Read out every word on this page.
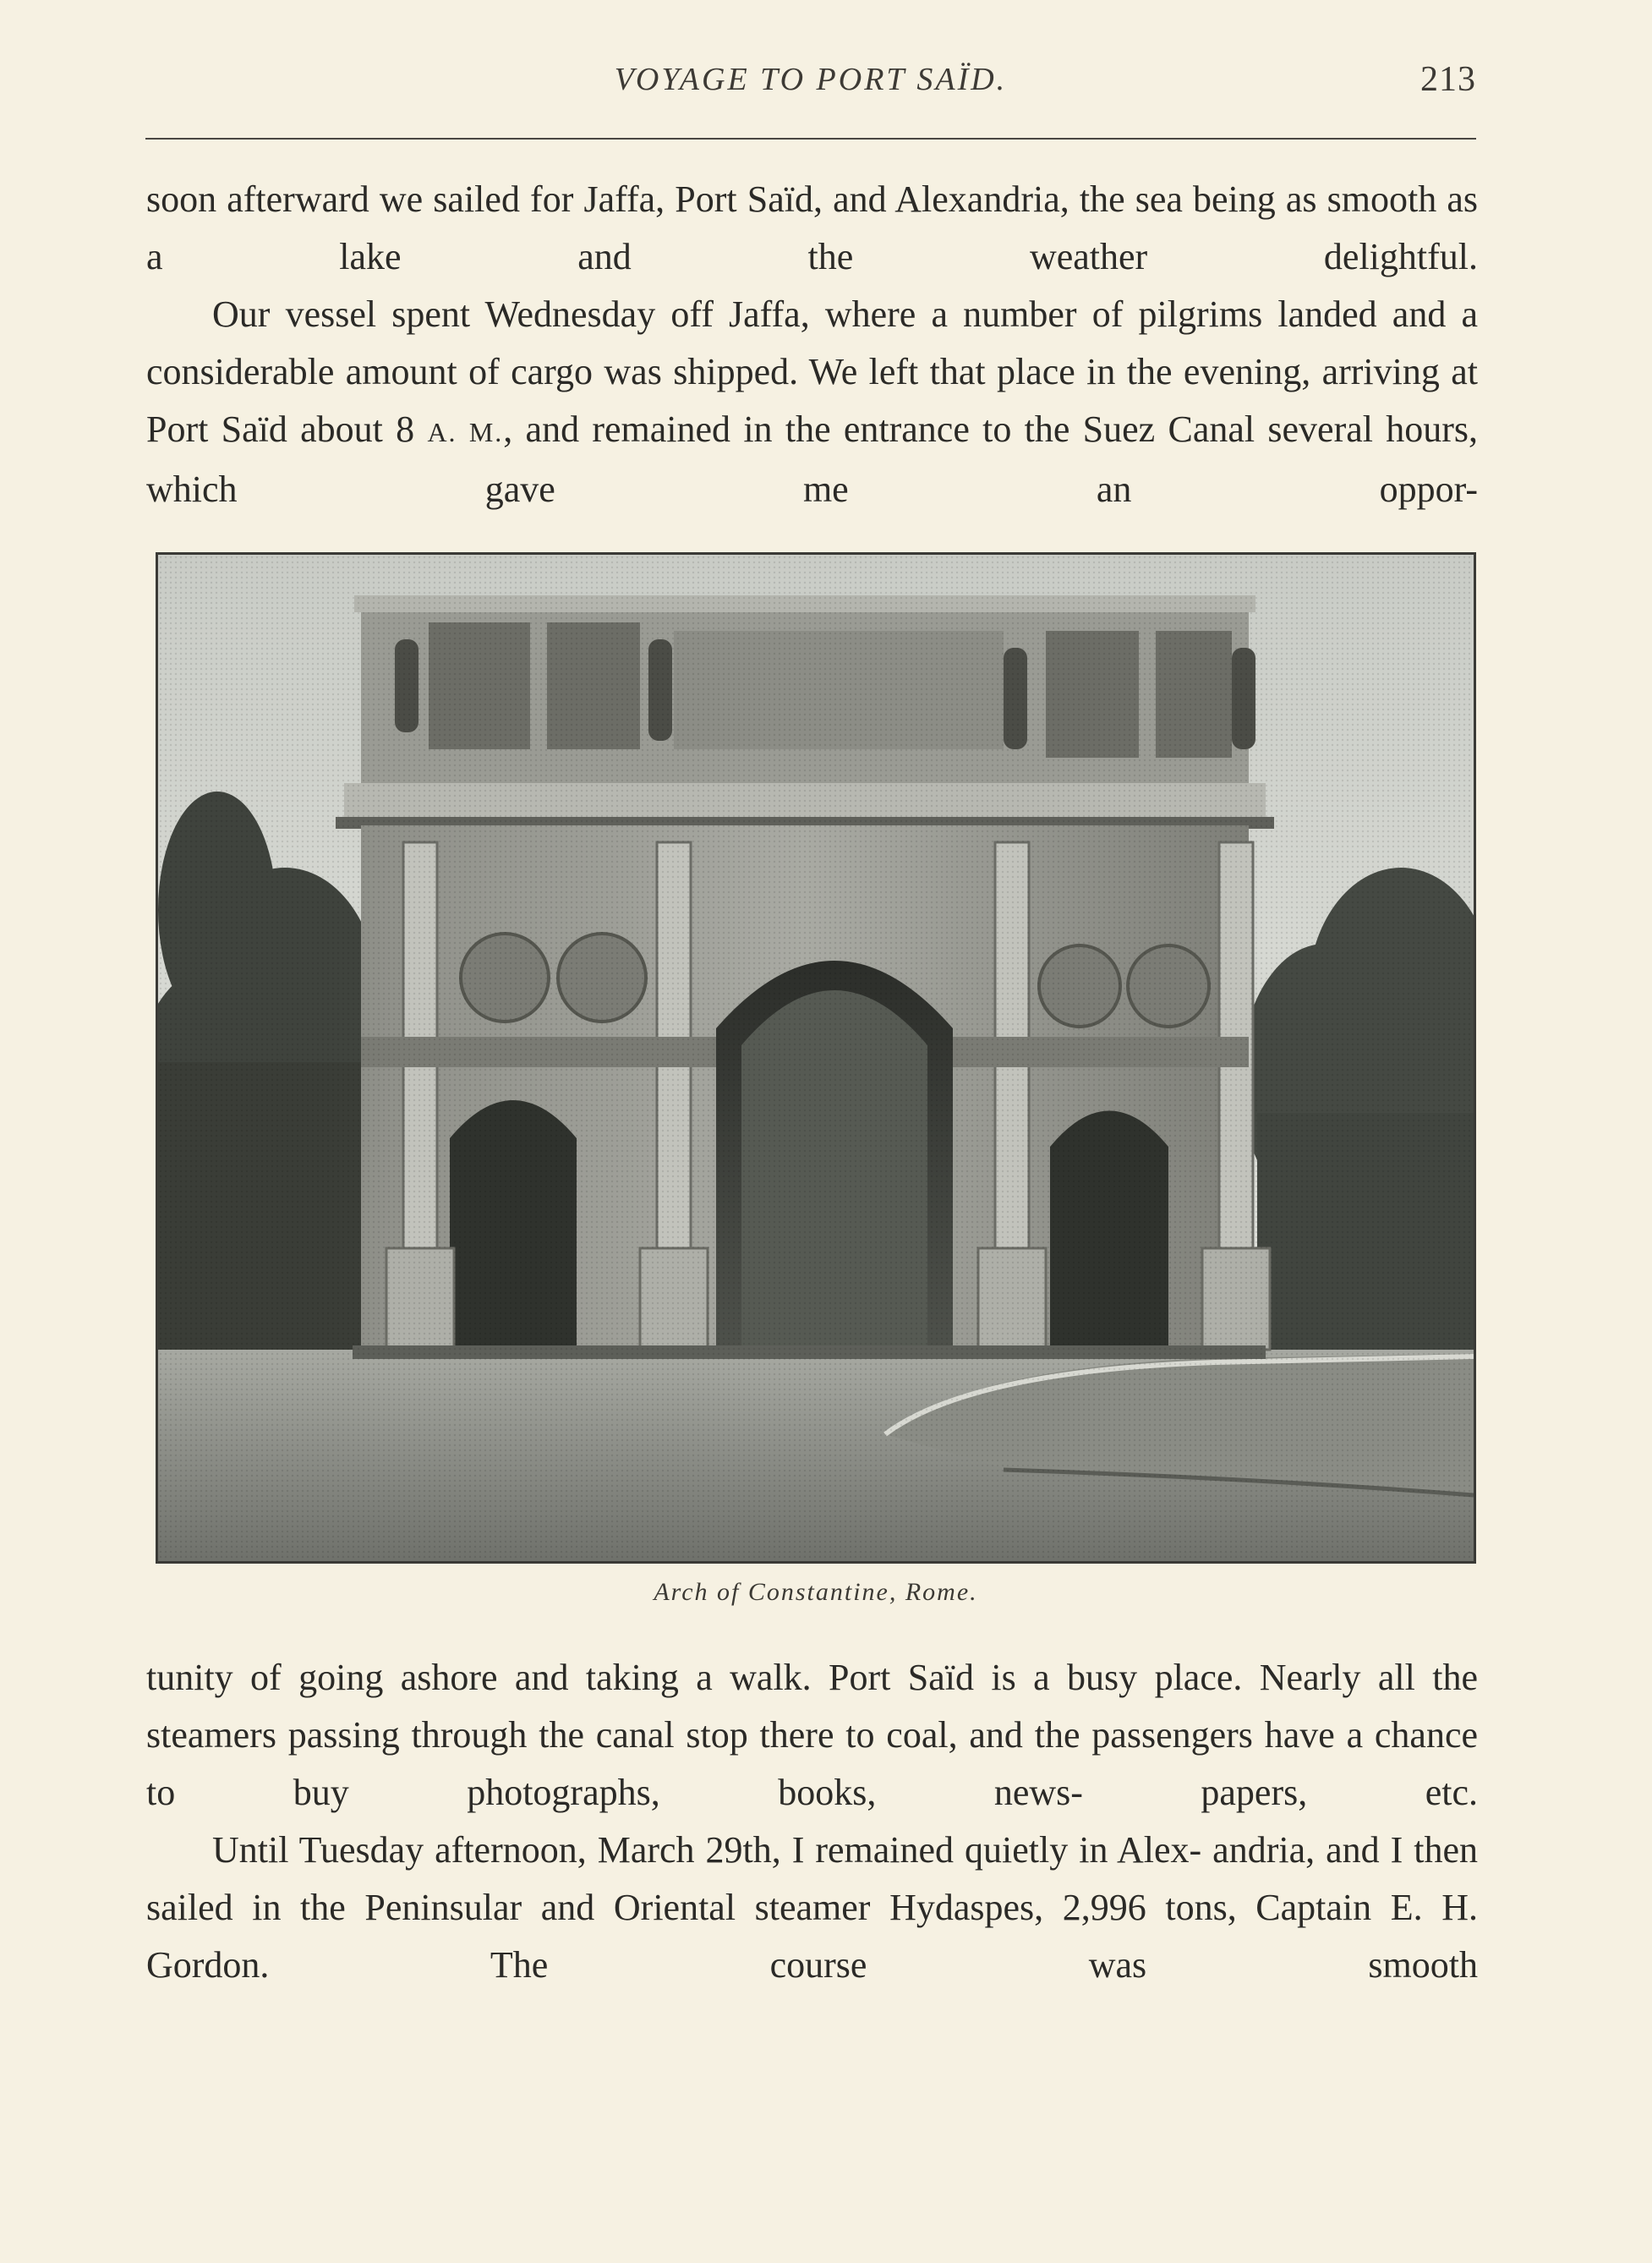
VOYAGE TO PORT SAÏD.	213

soon afterward we sailed for Jaffa, Port Saïd, and Alexandria, the sea being as smooth as a lake and the weather delightful.

Our vessel spent Wednesday off Jaffa, where a number of pilgrims landed and a considerable amount of cargo was shipped. We left that place in the evening, arriving at Port Saïd about 8 A. M., and remained in the entrance to the Suez Canal several hours, which gave me an oppor-

Arch of Constantine, Rome.

tunity of going ashore and taking a walk. Port Saïd is a busy place. Nearly all the steamers passing through the canal stop there to coal, and the passengers have a chance to buy photographs, books, news-	papers, etc.

Until Tuesday afternoon, March 29th, I remained quietly in Alex- andria, and I then sailed in the Peninsular and Oriental steamer Hydaspes, 2,996 tons, Captain E. H. Gordon. The course was smooth
